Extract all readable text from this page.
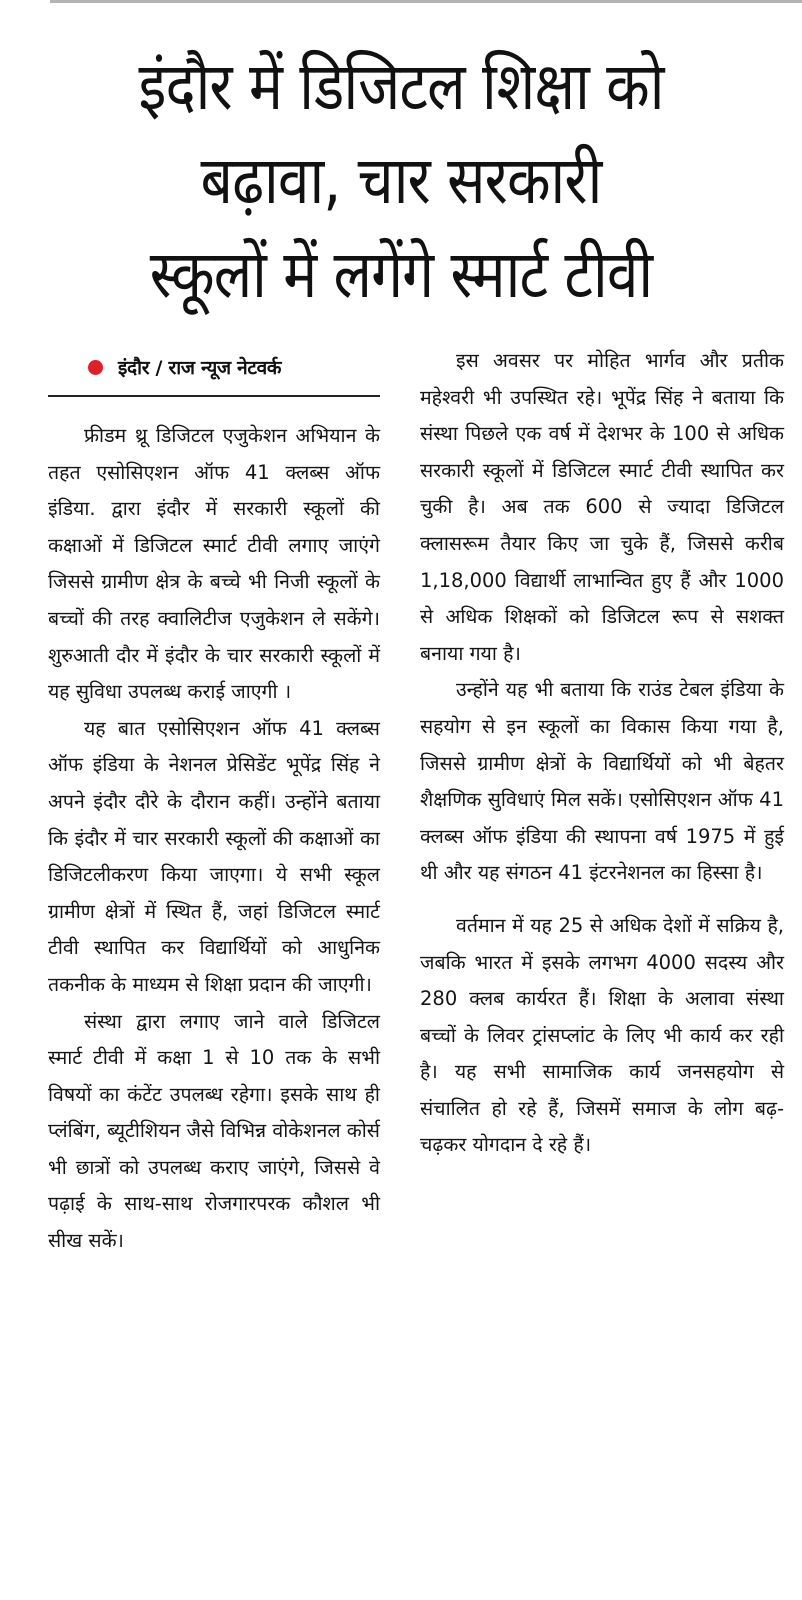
इंदौर में डिजिटल शिक्षा को
बढ़ावा, चार सरकारी
स्कूलों में लगेंगे स्मार्ट टीवी
इंदौर / राज न्यूज नेटवर्क

फ्रीडम थ्रू डिजिटल एजुकेशन अभियान के तहत एसोसिएशन ऑफ 41 क्लब्स ऑफ इंडिया. द्वारा इंदौर में सरकारी स्कूलों की कक्षाओं में डिजिटल स्मार्ट टीवी लगाए जाएंगे जिससे ग्रामीण क्षेत्र के बच्चे भी निजी स्कूलों के बच्चों की तरह क्वालिटीज एजुकेशन ले सकेंगे। शुरुआती दौर में इंदौर के चार सरकारी स्कूलों में यह सुविधा उपलब्ध कराई जाएगी ।

यह बात एसोसिएशन ऑफ 41 क्लब्स ऑफ इंडिया के नेशनल प्रेसिडेंट भूपेंद्र सिंह ने अपने इंदौर दौरे के दौरान कहीं। उन्होंने बताया कि इंदौर में चार सरकारी स्कूलों की कक्षाओं का डिजिटलीकरण किया जाएगा। ये सभी स्कूल ग्रामीण क्षेत्रों में स्थित हैं, जहां डिजिटल स्मार्ट टीवी स्थापित कर विद्यार्थियों को आधुनिक तकनीक के माध्यम से शिक्षा प्रदान की जाएगी।

संस्था द्वारा लगाए जाने वाले डिजिटल स्मार्ट टीवी में कक्षा 1 से 10 तक के सभी विषयों का कंटेंट उपलब्ध रहेगा। इसके साथ ही प्लंबिंग, ब्यूटीशियन जैसे विभिन्न वोकेशनल कोर्स भी छात्रों को उपलब्ध कराए जाएंगे, जिससे वे पढ़ाई के साथ-साथ रोजगारपरक कौशल भी सीख सकें।

इस अवसर पर मोहित भार्गव और प्रतीक महेश्वरी भी उपस्थित रहे। भूपेंद्र सिंह ने बताया कि संस्था पिछले एक वर्ष में देशभर के 100 से अधिक सरकारी स्कूलों में डिजिटल स्मार्ट टीवी स्थापित कर चुकी है। अब तक 600 से ज्यादा डिजिटल क्लासरूम तैयार किए जा चुके हैं, जिससे करीब 1,18,000 विद्यार्थी लाभान्वित हुए हैं और 1000 से अधिक शिक्षकों को डिजिटल रूप से सशक्त बनाया गया है।

उन्होंने यह भी बताया कि राउंड टेबल इंडिया के सहयोग से इन स्कूलों का विकास किया गया है, जिससे ग्रामीण क्षेत्रों के विद्यार्थियों को भी बेहतर शैक्षणिक सुविधाएं मिल सकें। एसोसिएशन ऑफ 41 क्लब्स ऑफ इंडिया की स्थापना वर्ष 1975 में हुई थी और यह संगठन 41 इंटरनेशनल का हिस्सा है।

वर्तमान में यह 25 से अधिक देशों में सक्रिय है, जबकि भारत में इसके लगभग 4000 सदस्य और 280 क्लब कार्यरत हैं। शिक्षा के अलावा संस्था बच्चों के लिवर ट्रांसप्लांट के लिए भी कार्य कर रही है। यह सभी सामाजिक कार्य जनसहयोग से संचालित हो रहे हैं, जिसमें समाज के लोग बढ़-चढ़कर योगदान दे रहे हैं।
